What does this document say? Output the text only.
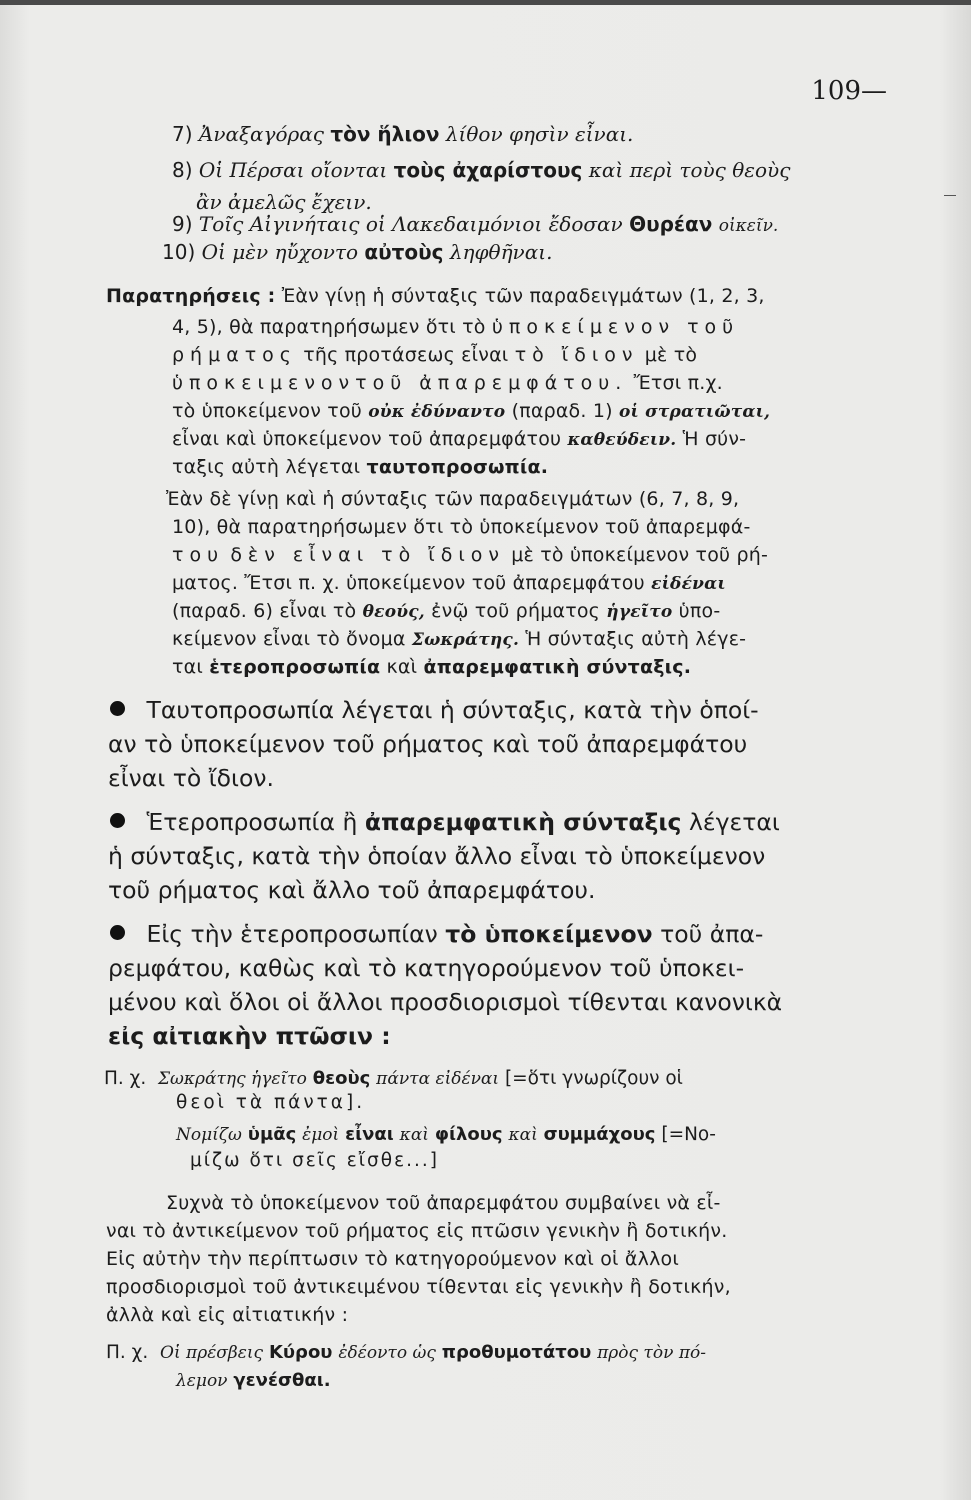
109 —
7) Ἀναξαγόρας τὸν ἥλιον λίθον φησὶν εἶναι.
8) Οἱ Πέρσαι οἴονται τοὺς ἀχαρίστους καὶ περὶ τοὺς θεοὺς
ἂν ἀμελῶς ἔχειν.
9) Τοῖς Αἰγινήταις οἱ Λακεδαιμόνιοι ἔδοσαν Θυρέαν οἰκεῖν.
10) Οἱ μὲν ηὔχοντο αὐτοὺς ληφθῆναι.
Παρατηρήσεις : Ἐὰν γίνῃ ἡ σύνταξις τῶν παραδειγμάτων (1, 2, 3,
4, 5), θὰ παρατηρήσωμεν ὅτι τὸ ὑποκείμενον τοῦ
ρήματος τῆς προτάσεως εἶναι τὸ ἴδιον μὲ τὸ
ὑποκειμενοντοῦ ἀπαρεμφάτου. Ἔτσι π.χ.
τὸ ὑποκείμενον τοῦ οὐκ ἐδύναντο (παραδ. 1) οἱ στρατιῶται,
εἶναι καὶ ὑποκείμενον τοῦ ἀπαρεμφάτου καθεύδειν. Ἡ σύν-
ταξις αὐτὴ λέγεται ταυτοπροσωπία.
Ἐὰν δὲ γίνῃ καὶ ἡ σύνταξις τῶν παραδειγμάτων (6, 7, 8, 9,
10), θὰ παρατηρήσωμεν ὅτι τὸ ὑποκείμενον τοῦ ἀπαρεμφά-
του δὲν εἶναι τὸ ἴδιον μὲ τὸ ὑποκείμενον τοῦ ρή-
ματος. Ἔτσι π. χ. ὑποκείμενον τοῦ ἀπαρεμφάτου εἰδέναι
(παραδ. 6) εἶναι τὸ θεούς, ἐνῷ τοῦ ρήματος ἡγεῖτο ὑπο-
κείμενον εἶναι τὸ ὄνομα Σωκράτης. Ἡ σύνταξις αὐτὴ λέγε-
ται ἑτεροπροσωπία καὶ ἀπαρεμφατικὴ σύνταξις.
Ταυτοπροσωπία λέγεται ἡ σύνταξις, κατὰ τὴν ὁποί-
αν τὸ ὑποκείμενον τοῦ ρήματος καὶ τοῦ ἀπαρεμφάτου
εἶναι τὸ ἴδιον.
Ἑτεροπροσωπία ἢ ἀπαρεμφατικὴ σύνταξις λέγεται
ἡ σύνταξις, κατὰ τὴν ὁποίαν ἄλλο εἶναι τὸ ὑποκείμενον
τοῦ ρήματος καὶ ἄλλο τοῦ ἀπαρεμφάτου.
Εἰς τὴν ἑτεροπροσωπίαν τὸ ὑποκείμενον τοῦ ἀπα-
ρεμφάτου, καθὼς καὶ τὸ κατηγορούμενον τοῦ ὑποκει-
μένου καὶ ὅλοι οἱ ἄλλοι προσδιορισμοὶ τίθενται κανονικὰ
εἰς αἰτιακὴν πτῶσιν :
Π. χ. Σωκράτης ἡγεῖτο θεοὺς πάντα εἰδέναι [=ὅτι γνωρίζουν οἱ
θεοὶ τὰ πάντα].
Νομίζω ὑμᾶς ἐμοὶ εἶναι καὶ φίλους καὶ συμμάχους [=Νο-
μίζω ὅτι σεῖς εἴσθε...]
Συχνὰ τὸ ὑποκείμενον τοῦ ἀπαρεμφάτου συμβαίνει νὰ εἶ-
ναι τὸ ἀντικείμενον τοῦ ρήματος εἰς πτῶσιν γενικὴν ἢ δοτικήν.
Εἰς αὐτὴν τὴν περίπτωσιν τὸ κατηγορούμενον καὶ οἱ ἄλλοι
προσδιορισμοὶ τοῦ ἀντικειμένου τίθενται εἰς γενικὴν ἢ δοτικήν,
ἀλλὰ καὶ εἰς αἰτιατικήν :
Π. χ. Οἱ πρέσβεις Κύρου ἐδέοντο ὡς προθυμοτάτου πρὸς τὸν πό-
λεμον γενέσθαι.
